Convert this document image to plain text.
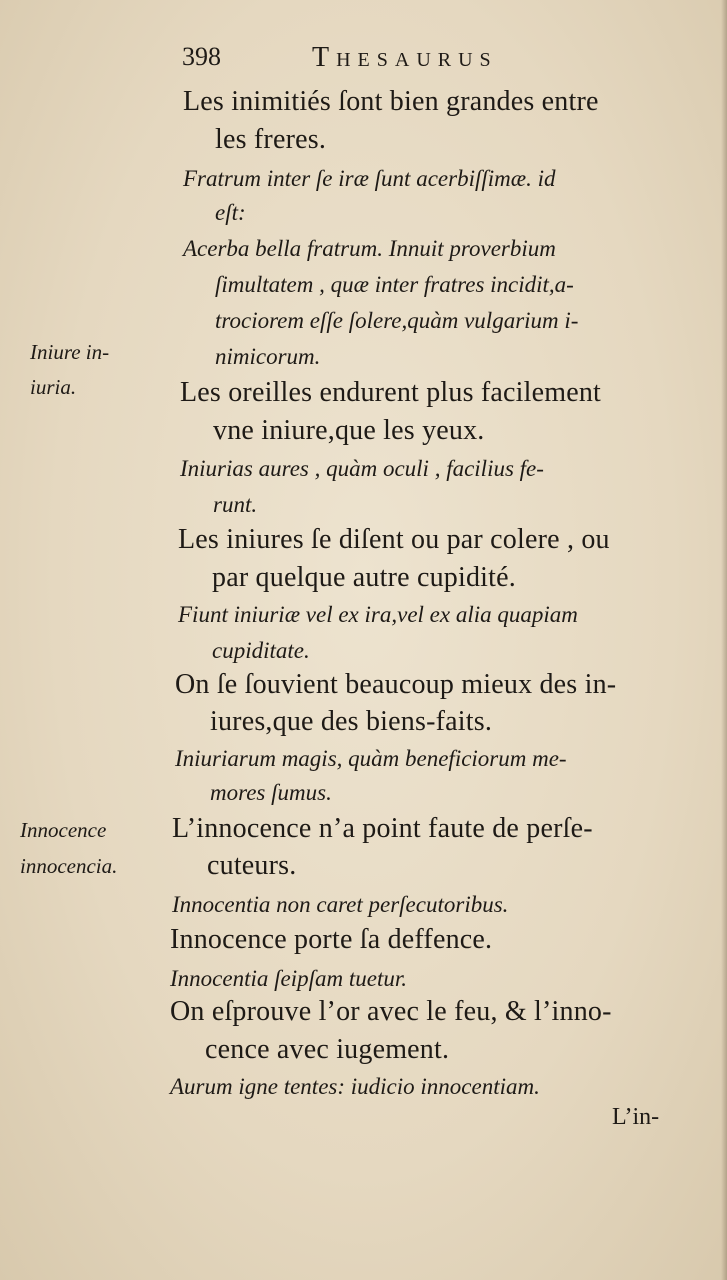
398	Thesaurus
Iniure in-
iuria.
Innocence
innocencia.
Les inimitiés ſont bien grandes entre
les freres.
Fratrum inter ſe iræ ſunt acerbiſſimæ. id
eſt:
Acerba bella fratrum. Innuit proverbium
ſimultatem , quæ inter fratres incidit,a-
trociorem eſſe ſolere,quàm vulgarium i-
nimicorum.
Les oreilles endurent plus facilement
vne iniure,que les yeux.
Iniurias aures , quàm oculi , facilius fe-
runt.
Les iniures ſe diſent ou par colere , ou
par quelque autre cupidité.
Fiunt iniuriæ vel ex ira,vel ex alia quapiam
cupiditate.
On ſe ſouvient beaucoup mieux des in-
iures,que des biens-faits.
Iniuriarum magis, quàm beneficiorum me-
mores ſumus.
L’innocence n’a point faute de perſe-
cuteurs.
Innocentia non caret perſecutoribus.
Innocence porte ſa deffence.
Innocentia ſeipſam tuetur.
On eſprouve l’or avec le feu, & l’inno-
cence avec iugement.
Aurum igne tentes: iudicio innocentiam.
L’in-
